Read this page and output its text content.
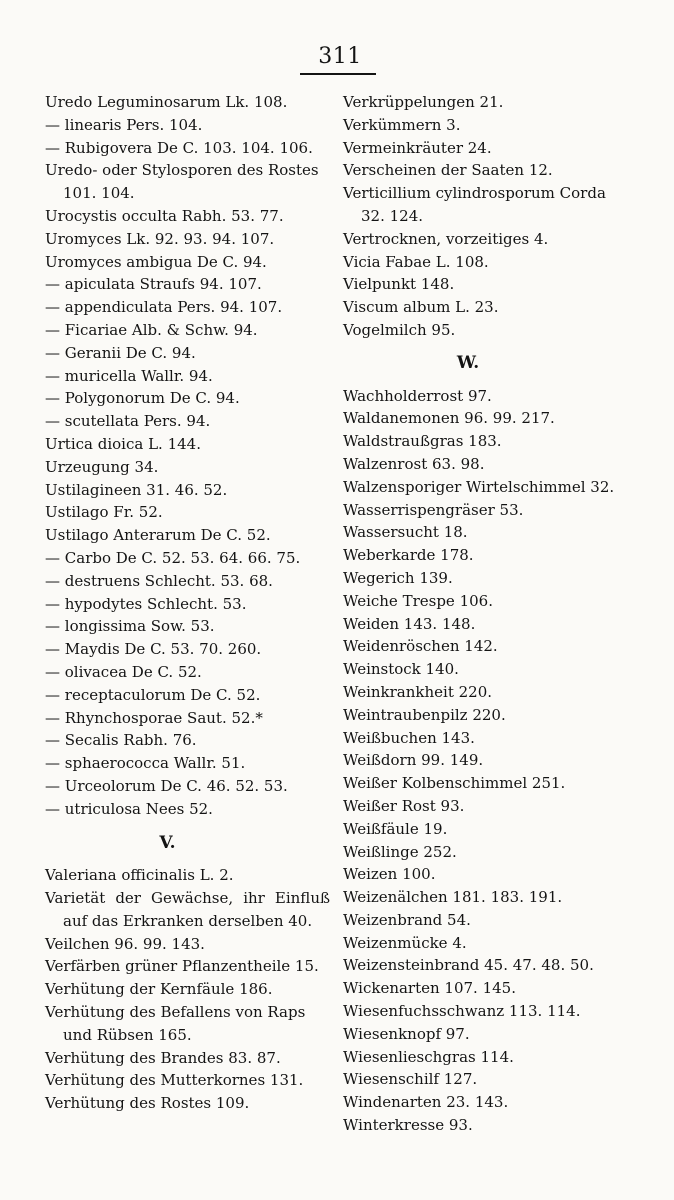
311
Uredo Leguminosarum Lk. 108.
— linearis Pers. 104.
— Rubigovera De C. 103. 104. 106.
Uredo- oder Stylosporen des Rostes 101. 104.
Urocystis occulta Rabh. 53. 77.
Uromyces Lk. 92. 93. 94. 107.
Uromyces ambigua De C. 94.
— apiculata Straufs 94. 107.
— appendiculata Pers. 94. 107.
— Ficariae Alb. & Schw. 94.
— Geranii De C. 94.
— muricella Wallr. 94.
— Polygonorum De C. 94.
— scutellata Pers. 94.
Urtica dioica L. 144.
Urzeugung 34.
Ustilagineen 31. 46. 52.
Ustilago Fr. 52.
Ustilago Anterarum De C. 52.
— Carbo De C. 52. 53. 64. 66. 75.
— destruens Schlecht. 53. 68.
— hypodytes Schlecht. 53.
— longissima Sow. 53.
— Maydis De C. 53. 70. 260.
— olivacea De C. 52.
— receptaculorum De C. 52.
— Rhynchosporae Saut. 52.*
— Secalis Rabh. 76.
— sphaerococca Wallr. 51.
— Urceolorum De C. 46. 52. 53.
— utriculosa Nees 52.
V.
Valeriana officinalis L. 2.
Varietät der Gewächse, ihr Einfluß auf das Erkranken derselben 40.
Veilchen 96. 99. 143.
Verfärben grüner Pflanzentheile 15.
Verhütung der Kernfäule 186.
Verhütung des Befallens von Raps und Rübsen 165.
Verhütung des Brandes 83. 87.
Verhütung des Mutterkornes 131.
Verhütung des Rostes 109.
Verkrüppelungen 21.
Verkümmern 3.
Vermeinkräuter 24.
Verscheinen der Saaten 12.
Verticillium cylindrosporum Corda 32. 124.
Vertrocknen, vorzeitiges 4.
Vicia Fabae L. 108.
Vielpunkt 148.
Viscum album L. 23.
Vogelmilch 95.
W.
Wachholderrost 97.
Waldanemonen 96. 99. 217.
Waldstraußgras 183.
Walzenrost 63. 98.
Walzensporiger Wirtelschimmel 32.
Wasserrispengräser 53.
Wassersucht 18.
Weberkarde 178.
Wegerich 139.
Weiche Trespe 106.
Weiden 143. 148.
Weidenröschen 142.
Weinstock 140.
Weinkrankheit 220.
Weintraubenpilz 220.
Weißbuchen 143.
Weißdorn 99. 149.
Weißer Kolbenschimmel 251.
Weißer Rost 93.
Weißfäule 19.
Weißlinge 252.
Weizen 100.
Weizenälchen 181. 183. 191.
Weizenbrand 54.
Weizenmücke 4.
Weizensteinbrand 45. 47. 48. 50.
Wickenarten 107. 145.
Wiesenfuchsschwanz 113. 114.
Wiesenknopf 97.
Wiesenlieschgras 114.
Wiesenschilf 127.
Windenarten 23. 143.
Winterkresse 93.
